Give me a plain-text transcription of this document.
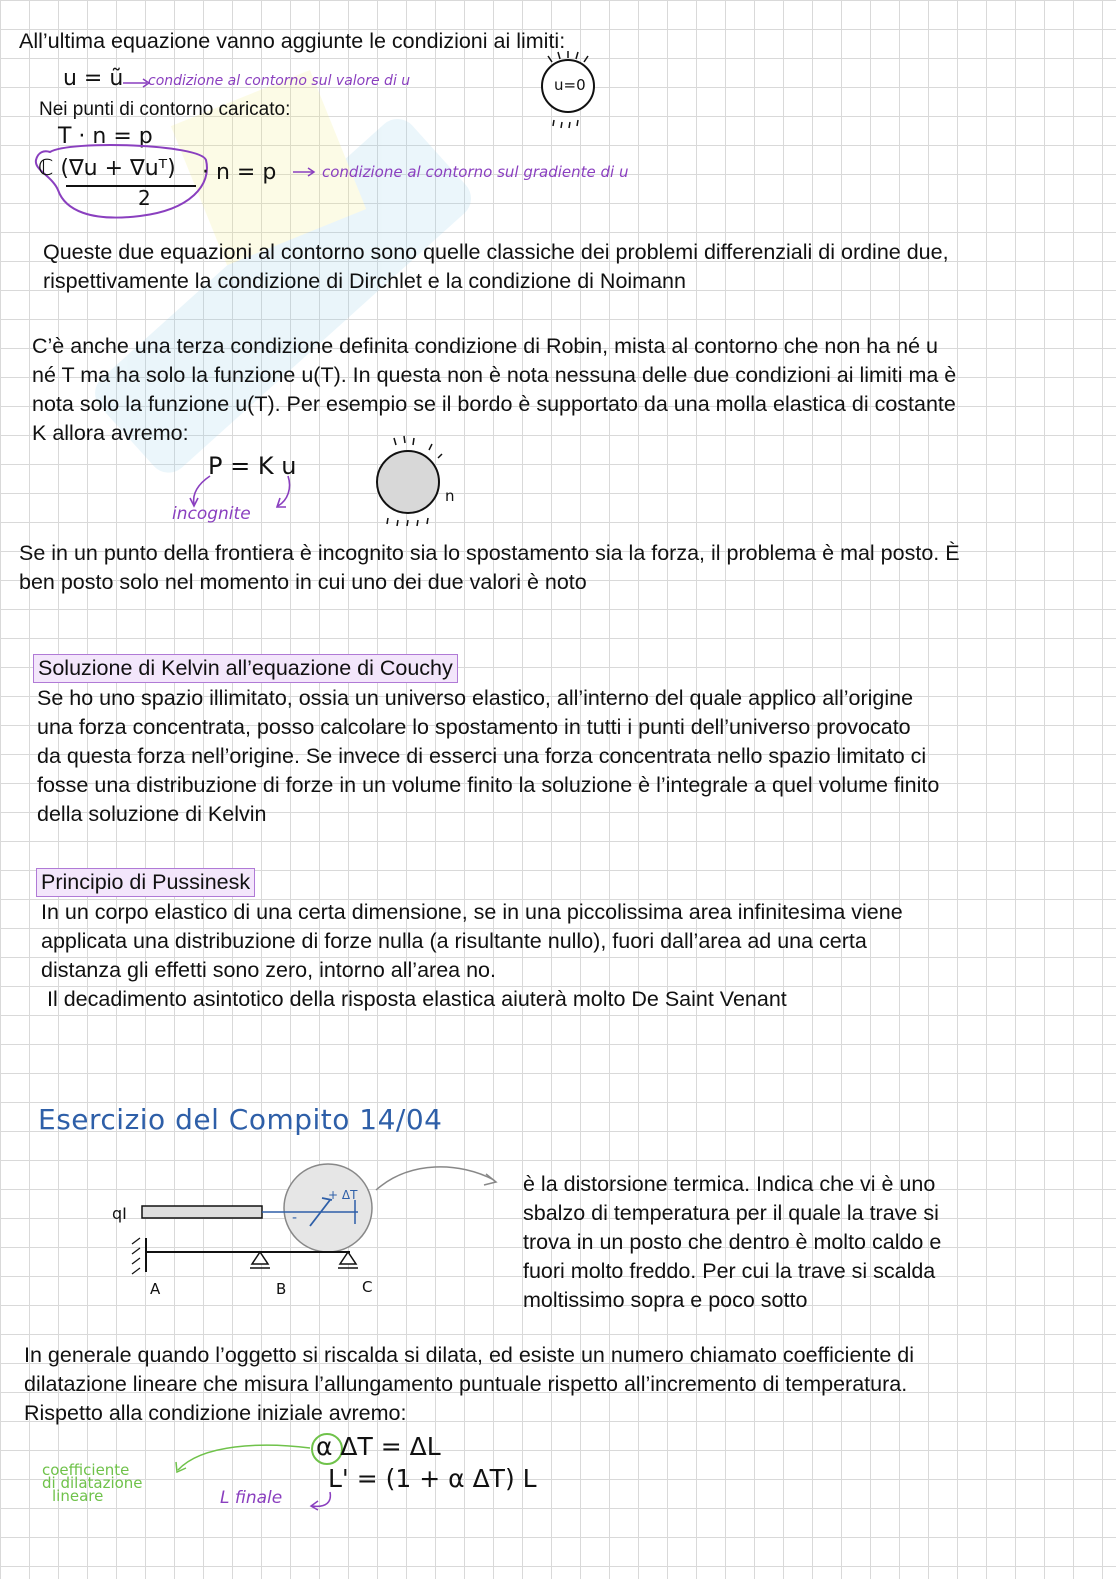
All’ultima equazione vanno aggiunte le condizioni ai limiti:

u = ũ condizione al contorno sul valore di u	u=0

Nei punti di contorno caricato:

T · n = p
ℂ (∇u + ∇uᵀ)
2
· n = p	condizione al contorno sul gradiente di u

Queste due equazioni al contorno sono quelle classiche dei problemi differenziali di ordine due,

rispettivamente la condizione di Dirchlet e la condizione di Noimann

C’è anche una terza condizione definita condizione di Robin, mista al contorno che non ha né u

né T ma ha solo la funzione u(T). In questa non è nota nessuna delle due condizioni ai limiti ma è

nota solo la funzione u(T). Per esempio se il bordo è supportato da una molla elastica di costante

K allora avremo:

P = K u
incognite
n

Se in un punto della frontiera è incognito sia lo spostamento sia la forza, il problema è mal posto. È

ben posto solo nel momento in cui uno dei due valori è noto

Soluzione di Kelvin all’equazione di Couchy

Se ho uno spazio illimitato, ossia un universo elastico, all’interno del quale applico all’origine

una forza concentrata, posso calcolare lo spostamento in tutti i punti dell’universo provocato

da questa forza nell’origine. Se invece di esserci una forza concentrata nello spazio limitato ci

fosse una distribuzione di forze in un volume finito la soluzione è l’integrale a quel volume finito

della soluzione di Kelvin

Principio di Pussinesk

In un corpo elastico di una certa dimensione, se in una piccolissima area infinitesima viene

applicata una distribuzione di forze nulla (a risultante nullo), fuori dall’area ad una certa

distanza gli effetti sono zero, intorno all’area no.

Il decadimento asintotico della risposta elastica aiuterà molto De Saint Venant

Esercizio del Compito 14/04
qI
+ ΔT
-
A	B	C

è la distorsione termica. Indica che vi è uno

sbalzo di temperatura per il quale la trave si

trova in un posto che dentro è molto caldo e

fuori molto freddo. Per cui la trave si scalda

moltissimo sopra e poco sotto

In generale quando l’oggetto si riscalda si dilata, ed esiste un numero chiamato coefficiente di

dilatazione lineare che misura l’allungamento puntuale rispetto all’incremento di temperatura.

Rispetto alla condizione iniziale avremo:

α ΔT = ΔL
L' = (1 + α ΔT) L
coefficiente
di dilatazione
lineare	L finale
